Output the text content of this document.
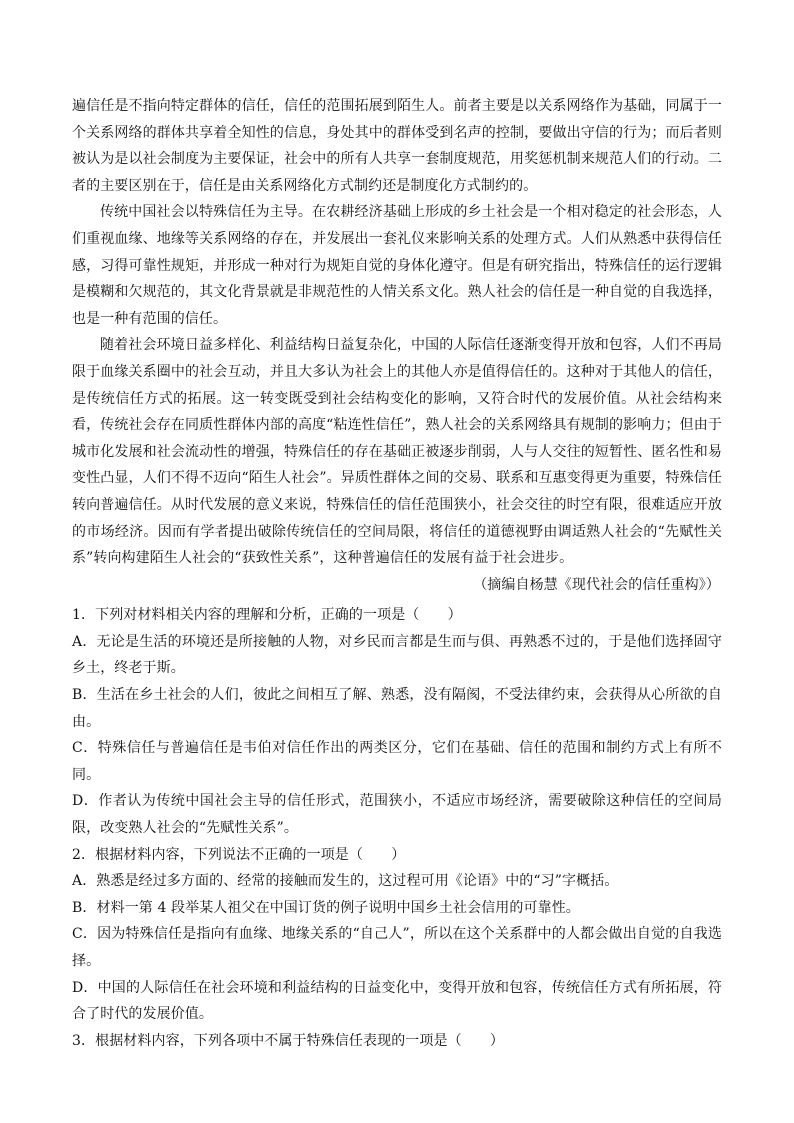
遍信任是不指向特定群体的信任，信任的范围拓展到陌生人。前者主要是以关系网络作为基础，同属于一个关系网络的群体共享着全知性的信息，身处其中的群体受到名声的控制，要做出守信的行为；而后者则被认为是以社会制度为主要保证，社会中的所有人共享一套制度规范，用奖惩机制来规范人们的行动。二者的主要区别在于，信任是由关系网络化方式制约还是制度化方式制约的。

传统中国社会以特殊信任为主导。在农耕经济基础上形成的乡土社会是一个相对稳定的社会形态，人们重视血缘、地缘等关系网络的存在，并发展出一套礼仪来影响关系的处理方式。人们从熟悉中获得信任感，习得可靠性规矩，并形成一种对行为规矩自觉的身体化遵守。但是有研究指出，特殊信任的运行逻辑是模糊和欠规范的，其文化背景就是非规范性的人情关系文化。熟人社会的信任是一种自觉的自我选择，也是一种有范围的信任。

随着社会环境日益多样化、利益结构日益复杂化，中国的人际信任逐渐变得开放和包容，人们不再局限于血缘关系圈中的社会互动，并且大多认为社会上的其他人亦是值得信任的。这种对于其他人的信任，是传统信任方式的拓展。这一转变既受到社会结构变化的影响，又符合时代的发展价值。从社会结构来看，传统社会存在同质性群体内部的高度“粘连性信任”，熟人社会的关系网络具有规制的影响力；但由于城市化发展和社会流动性的增强，特殊信任的存在基础正被逐步削弱，人与人交往的短暂性、匿名性和易变性凸显，人们不得不迈向“陌生人社会”。异质性群体之间的交易、联系和互惠变得更为重要，特殊信任转向普遍信任。从时代发展的意义来说，特殊信任的信任范围狭小，社会交往的时空有限，很难适应开放的市场经济。因而有学者提出破除传统信任的空间局限，将信任的道德视野由调适熟人社会的“先赋性关系”转向构建陌生人社会的“获致性关系”，这种普遍信任的发展有益于社会进步。

（摘编自杨慧《现代社会的信任重构》）

1．下列对材料相关内容的理解和分析，正确的一项是（　　）

A．无论是生活的环境还是所接触的人物，对乡民而言都是生而与俱、再熟悉不过的，于是他们选择固守乡土，终老于斯。

B．生活在乡土社会的人们，彼此之间相互了解、熟悉，没有隔阂，不受法律约束，会获得从心所欲的自由。

C．特殊信任与普遍信任是韦伯对信任作出的两类区分，它们在基础、信任的范围和制约方式上有所不同。

D．作者认为传统中国社会主导的信任形式，范围狭小，不适应市场经济，需要破除这种信任的空间局限，改变熟人社会的“先赋性关系”。

2．根据材料内容，下列说法不正确的一项是（　　）

A．熟悉是经过多方面的、经常的接触而发生的，这过程可用《论语》中的“习”字概括。

B．材料一第 4 段举某人祖父在中国订货的例子说明中国乡土社会信用的可靠性。

C．因为特殊信任是指向有血缘、地缘关系的“自己人”，所以在这个关系群中的人都会做出自觉的自我选择。

D．中国的人际信任在社会环境和利益结构的日益变化中，变得开放和包容，传统信任方式有所拓展，符合了时代的发展价值。

3．根据材料内容，下列各项中不属于特殊信任表现的一项是（　　）
